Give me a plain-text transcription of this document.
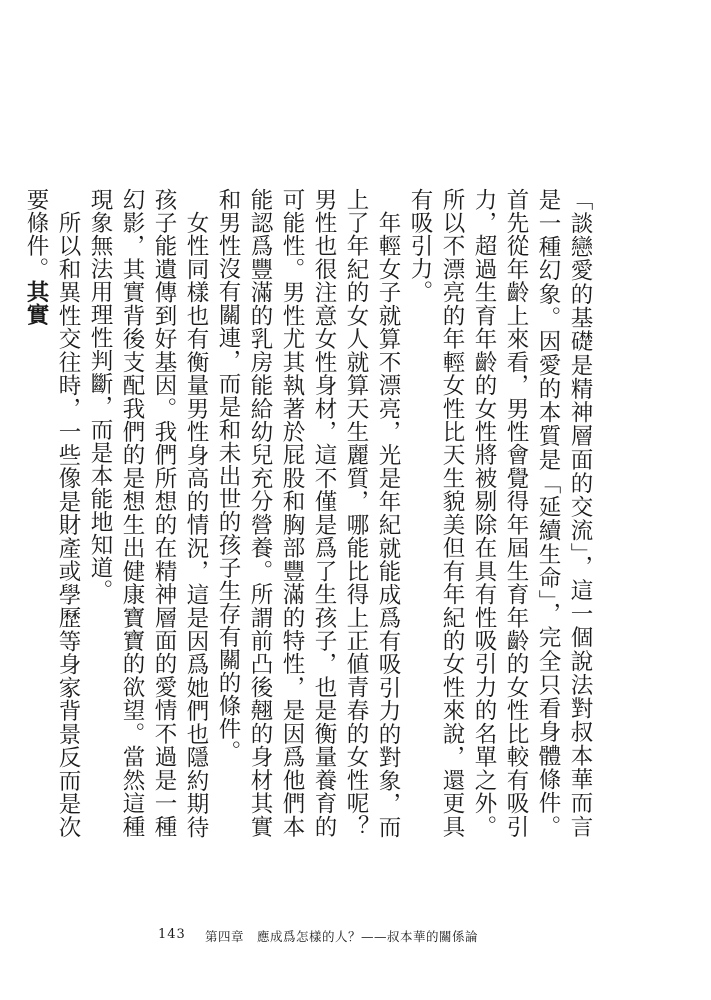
「談戀愛的基礎是精神層面的交流」，這一個說法對叔本華而言是一種幻象。因愛的本質是「延續生命」，完全只看身體條件。首先從年齡上來看，男性會覺得年屆生育年齡的女性比較有吸引力，超過生育年齡的女性將被剔除在具有性吸引力的名單之外。所以不漂亮的年輕女性比天生貌美但有年紀的女性來說，還更具有吸引力。

年輕女子就算不漂亮，光是年紀就能成爲有吸引力的對象，而上了年紀的女人就算天生麗質，哪能比得上正値青春的女性呢？男性也很注意女性身材，這不僅是爲了生孩子，也是衡量養育的可能性。男性尤其執著於屁股和胸部豐滿的特性，是因爲他們本能認爲豐滿的乳房能給幼兒充分營養。所謂前凸後翹的身材其實和男性沒有關連，而是和未出世的孩子生存有關的條件。

女性同樣也有衡量男性身高的情況，這是因爲她們也隱約期待孩子能遺傳到好基因。我們所想的在精神層面的愛情不過是一種幻影，其實背後支配我們的是想生出健康寶寶的欲望。當然這種現象無法用理性判斷，而是本能地知道。

所以和異性交往時，一些像是財產或學歷等身家背景反而是次要條件。其實

143 第四章　應成爲怎樣的人？——叔本華的關係論
